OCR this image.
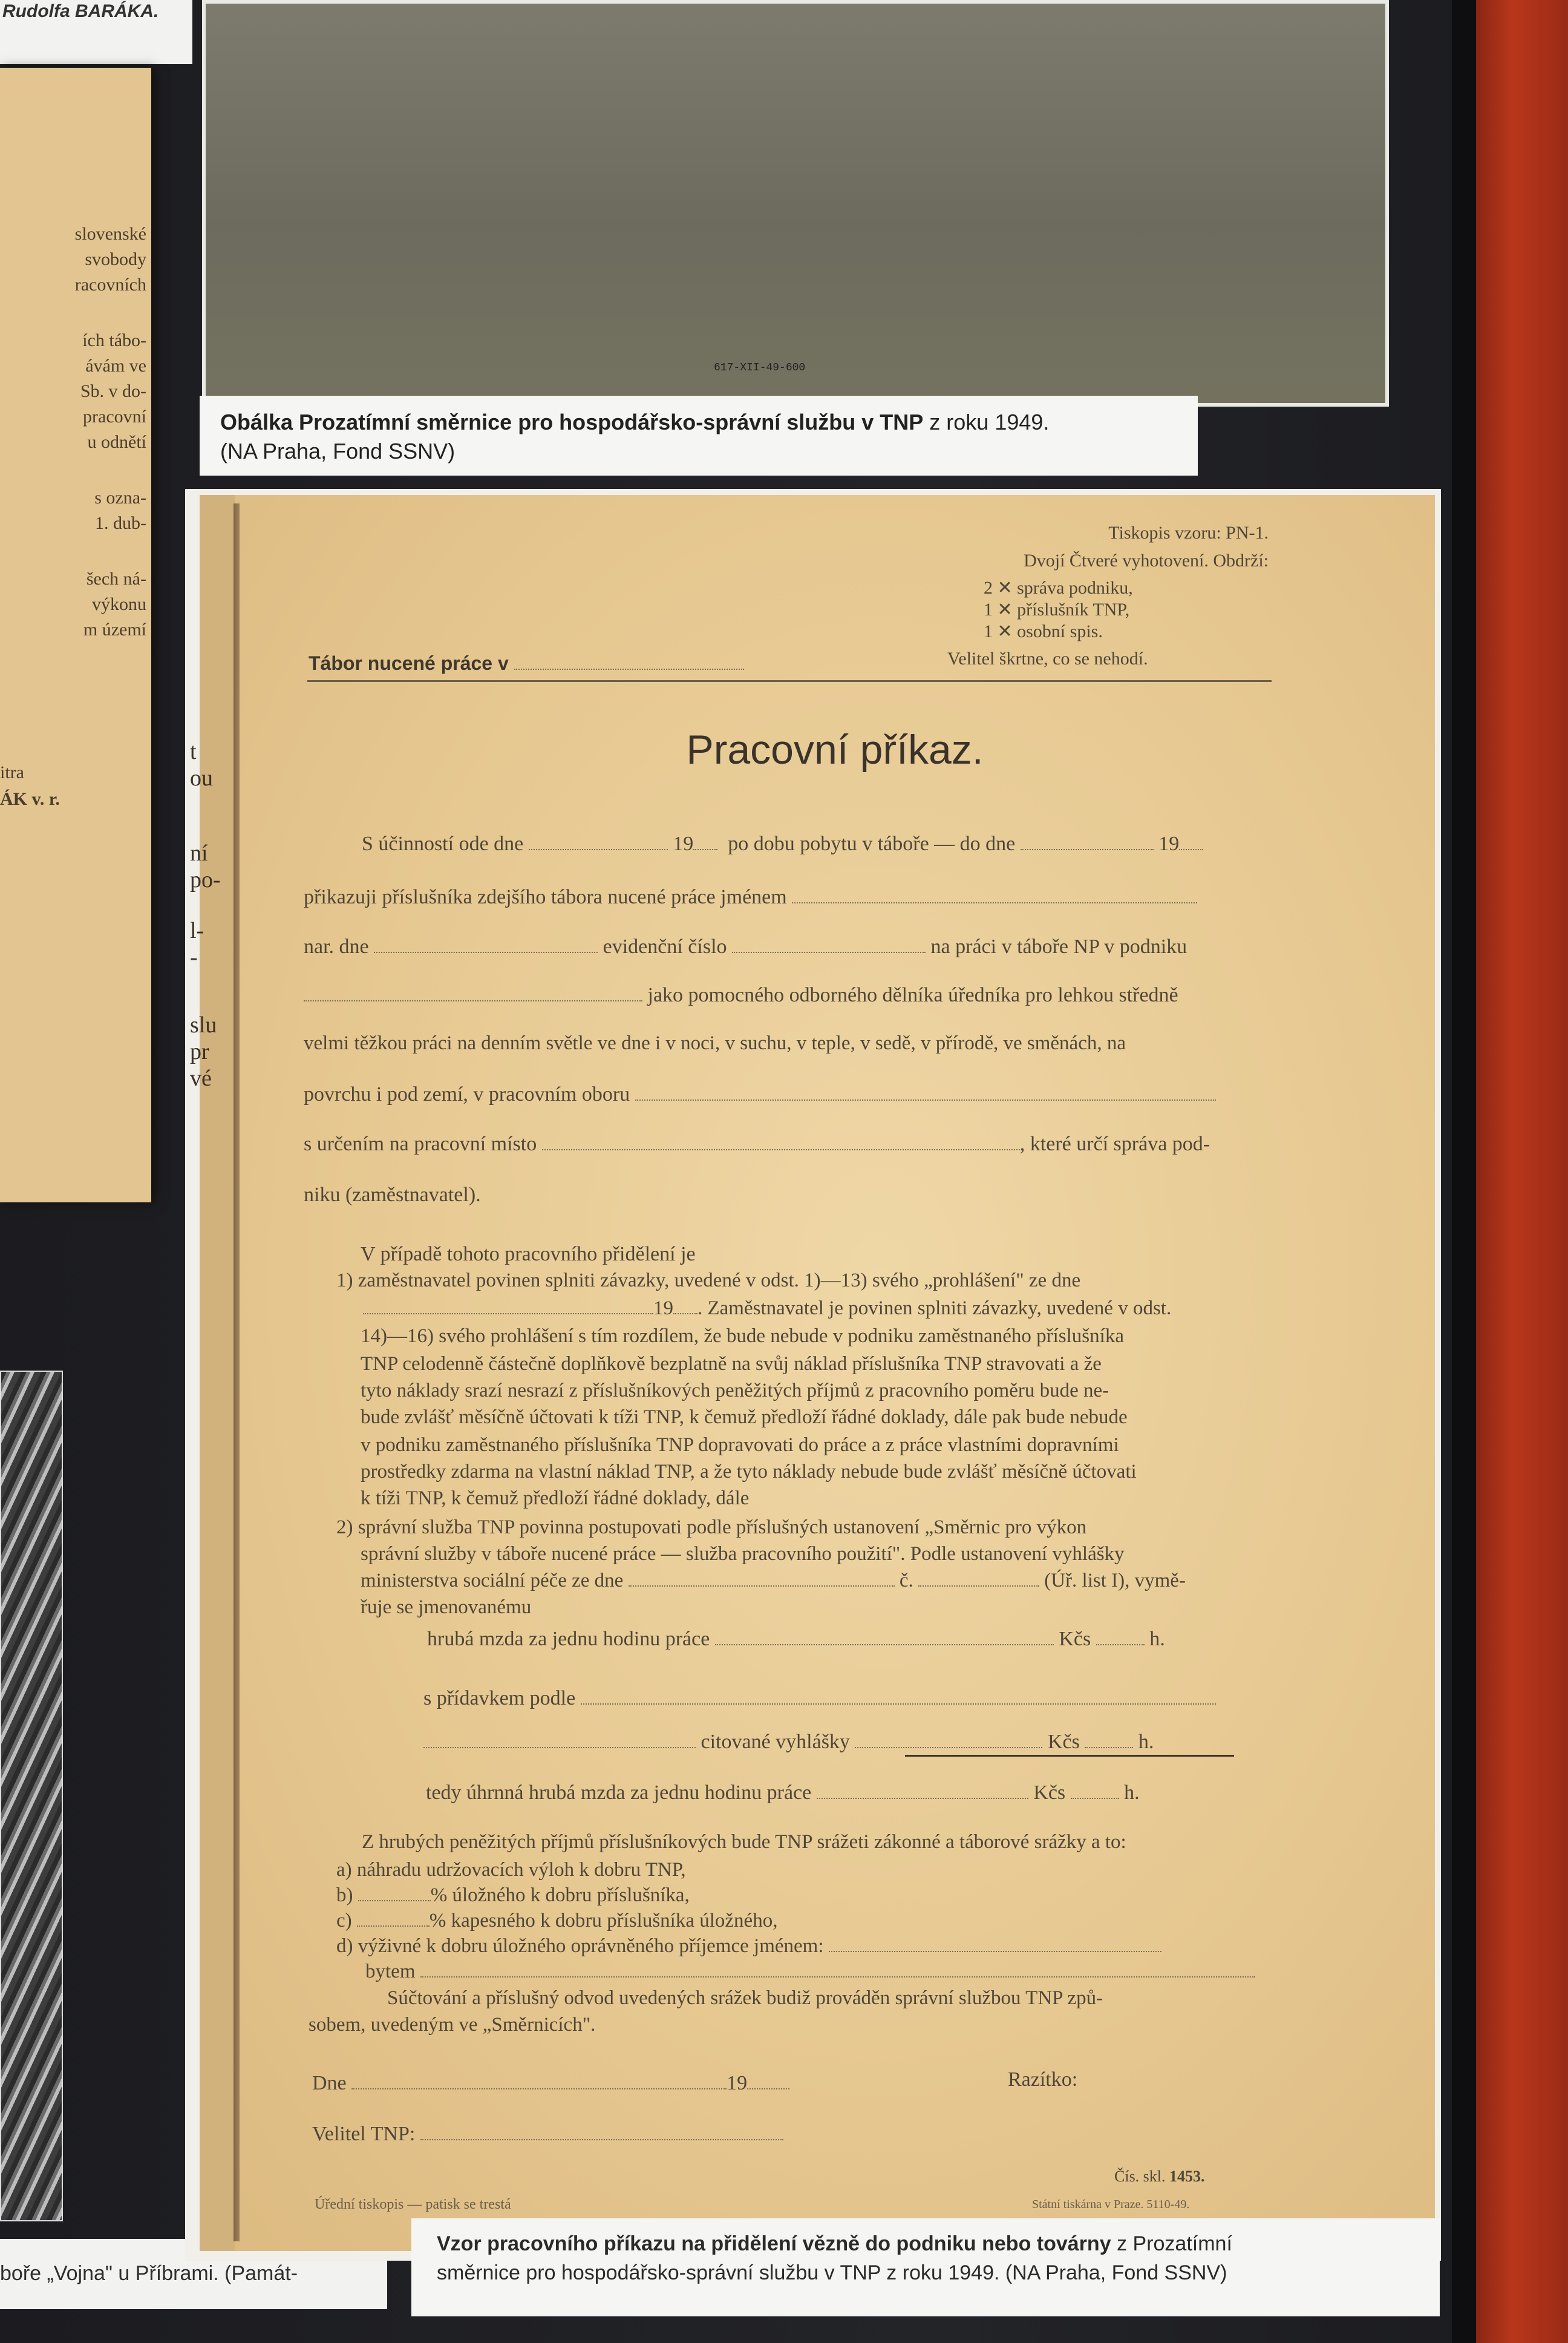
Rudolfa BARÁKA.
slovenské
svobody
racovních
ích tábo-
ávám ve
Sb. v do-
pracovní
u odnětí
s ozna-
1. dub-
šech ná-
výkonu
m území
itra
ÁK v. r.
boře „Vojna" u Příbrami. (Památ-
617-XII-49-600
Obálka Prozatímní směrnice pro hospodářsko-správní službu v TNP z roku 1949.
(NA Praha, Fond SSNV)
t
ou
ní
po-
l-
-
slu
pr
vé
Tábor nucené práce v
Tiskopis vzoru: PN-1.
Dvojí Čtveré vyhotovení. Obdrží:
2 ✕ správa podniku,
1 ✕ příslušník TNP,
1 ✕ osobní spis.
Velitel škrtne, co se nehodí.
Pracovní příkaz.
S účinností ode dne	19 po dobu pobytu v táboře — do dne	19
přikazuji příslušníka zdejšího tábora nucené práce jménem
nar. dne	evidenční číslo	na práci v táboře NP v podniku
jako pomocného odborného dělníka úředníka pro lehkou středně
velmi těžkou práci na denním světle ve dne i v noci, v suchu, v teple, v sedě, v přírodě, ve směnách, na
povrchu i pod zemí, v pracovním oboru
s určením na pracovní místo	, které určí správa pod-
niku (zaměstnavatel).
V případě tohoto pracovního přidělení je
1) zaměstnavatel povinen splniti závazky, uvedené v odst. 1)—13) svého „prohlášení" ze dne
19 . Zaměstnavatel je povinen splniti závazky, uvedené v odst.
14)—16) svého prohlášení s tím rozdílem, že bude nebude v podniku zaměstnaného příslušníka
TNP celodenně částečně doplňkově bezplatně na svůj náklad příslušníka TNP stravovati a že
tyto náklady srazí nesrazí z příslušníkových peněžitých příjmů z pracovního poměru bude ne-
bude zvlášť měsíčně účtovati k tíži TNP, k čemuž předloží řádné doklady, dále pak bude nebude
v podniku zaměstnaného příslušníka TNP dopravovati do práce a z práce vlastními dopravními
prostředky zdarma na vlastní náklad TNP, a že tyto náklady nebude bude zvlášť měsíčně účtovati
k tíži TNP, k čemuž předloží řádné doklady, dále
2) správní služba TNP povinna postupovati podle příslušných ustanovení „Směrnic pro výkon
správní služby v táboře nucené práce — služba pracovního použití". Podle ustanovení vyhlášky
ministerstva sociální péče ze dne	č.	(Úř. list I), vymě-
řuje se jmenovanému
hrubá mzda za jednu hodinu práce	Kčs	h.
s přídavkem podle
citované vyhlášky	Kčs	h.
tedy úhrnná hrubá mzda za jednu hodinu práce	Kčs	h.
Z hrubých peněžitých příjmů příslušníkových bude TNP srážeti zákonné a táborové srážky a to:
a) náhradu udržovacích výloh k dobru TNP,
b)	% úložného k dobru příslušníka,
c)	% kapesného k dobru příslušníka úložného,
d) výživné k dobru úložného oprávněného příjemce jménem:
bytem
Súčtování a příslušný odvod uvedených srážek budiž prováděn správní službou TNP způ-
sobem, uvedeným ve „Směrnicích".
Dne	19	Razítko:
Velitel TNP:
Čís. skl. 1453.
Úřední tiskopis — patisk se trestá	Státní tiskárna v Praze. 5110-49.
Vzor pracovního příkazu na přidělení vězně do podniku nebo továrny z Prozatímní
směrnice pro hospodářsko-správní službu v TNP z roku 1949. (NA Praha, Fond SSNV)
